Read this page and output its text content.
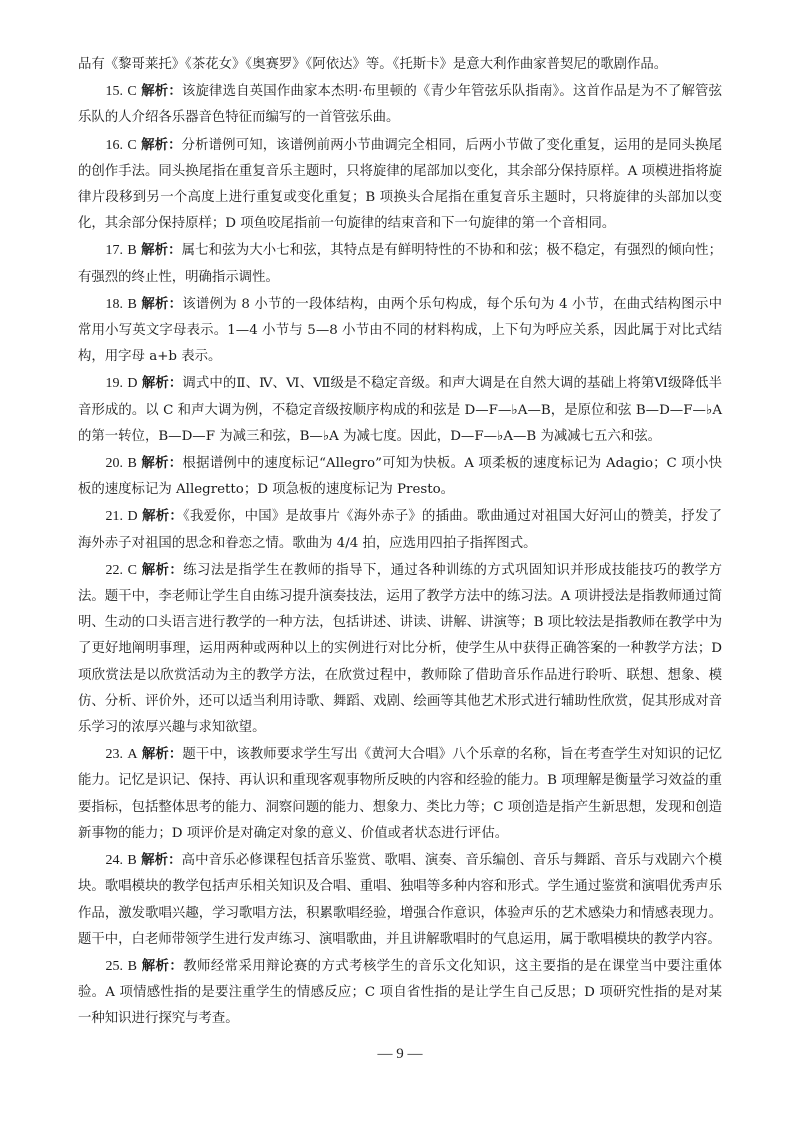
品有《黎哥莱托》《茶花女》《奥赛罗》《阿依达》等。《托斯卡》是意大利作曲家普契尼的歌剧作品。

15. C 解析：该旋律选自英国作曲家本杰明·布里顿的《青少年管弦乐队指南》。这首作品是为不了解管弦乐队的人介绍各乐器音色特征而编写的一首管弦乐曲。

16. C 解析：分析谱例可知，该谱例前两小节曲调完全相同，后两小节做了变化重复，运用的是同头换尾的创作手法。同头换尾指在重复音乐主题时，只将旋律的尾部加以变化，其余部分保持原样。A 项模进指将旋律片段移到另一个高度上进行重复或变化重复；B 项换头合尾指在重复音乐主题时，只将旋律的头部加以变化，其余部分保持原样；D 项鱼咬尾指前一句旋律的结束音和下一句旋律的第一个音相同。

17. B 解析：属七和弦为大小七和弦，其特点是有鲜明特性的不协和和弦；极不稳定，有强烈的倾向性；有强烈的终止性，明确指示调性。

18. B 解析：该谱例为 8 小节的一段体结构，由两个乐句构成，每个乐句为 4 小节，在曲式结构图示中常用小写英文字母表示。1—4 小节与 5—8 小节由不同的材料构成，上下句为呼应关系，因此属于对比式结构，用字母 a+b 表示。

19. D 解析：调式中的Ⅱ、Ⅳ、Ⅵ、Ⅶ级是不稳定音级。和声大调是在自然大调的基础上将第Ⅵ级降低半音形成的。以 C 和声大调为例，不稳定音级按顺序构成的和弦是 D—F—♭A—B，是原位和弦 B—D—F—♭A 的第一转位，B—D—F 为减三和弦，B—♭A 为减七度。因此，D—F—♭A—B 为减减七五六和弦。

20. B 解析：根据谱例中的速度标记“Allegro”可知为快板。A 项柔板的速度标记为 Adagio；C 项小快板的速度标记为 Allegretto；D 项急板的速度标记为 Presto。

21. D 解析：《我爱你，中国》是故事片《海外赤子》的插曲。歌曲通过对祖国大好河山的赞美，抒发了海外赤子对祖国的思念和眷恋之情。歌曲为 4/4 拍，应选用四拍子指挥图式。

22. C 解析：练习法是指学生在教师的指导下，通过各种训练的方式巩固知识并形成技能技巧的教学方法。题干中，李老师让学生自由练习提升演奏技法，运用了教学方法中的练习法。A 项讲授法是指教师通过简明、生动的口头语言进行教学的一种方法，包括讲述、讲读、讲解、讲演等；B 项比较法是指教师在教学中为了更好地阐明事理，运用两种或两种以上的实例进行对比分析，使学生从中获得正确答案的一种教学方法；D 项欣赏法是以欣赏活动为主的教学方法，在欣赏过程中，教师除了借助音乐作品进行聆听、联想、想象、模仿、分析、评价外，还可以适当利用诗歌、舞蹈、戏剧、绘画等其他艺术形式进行辅助性欣赏，促其形成对音乐学习的浓厚兴趣与求知欲望。

23. A 解析：题干中，该教师要求学生写出《黄河大合唱》八个乐章的名称，旨在考查学生对知识的记忆能力。记忆是识记、保持、再认识和重现客观事物所反映的内容和经验的能力。B 项理解是衡量学习效益的重要指标，包括整体思考的能力、洞察问题的能力、想象力、类比力等；C 项创造是指产生新思想，发现和创造新事物的能力；D 项评价是对确定对象的意义、价值或者状态进行评估。

24. B 解析：高中音乐必修课程包括音乐鉴赏、歌唱、演奏、音乐编创、音乐与舞蹈、音乐与戏剧六个模块。歌唱模块的教学包括声乐相关知识及合唱、重唱、独唱等多种内容和形式。学生通过鉴赏和演唱优秀声乐作品，激发歌唱兴趣，学习歌唱方法，积累歌唱经验，增强合作意识，体验声乐的艺术感染力和情感表现力。题干中，白老师带领学生进行发声练习、演唱歌曲，并且讲解歌唱时的气息运用，属于歌唱模块的教学内容。

25. B 解析：教师经常采用辩论赛的方式考核学生的音乐文化知识，这主要指的是在课堂当中要注重体验。A 项情感性指的是要注重学生的情感反应；C 项自省性指的是让学生自己反思；D 项研究性指的是对某一种知识进行探究与考查。

— 9 —
